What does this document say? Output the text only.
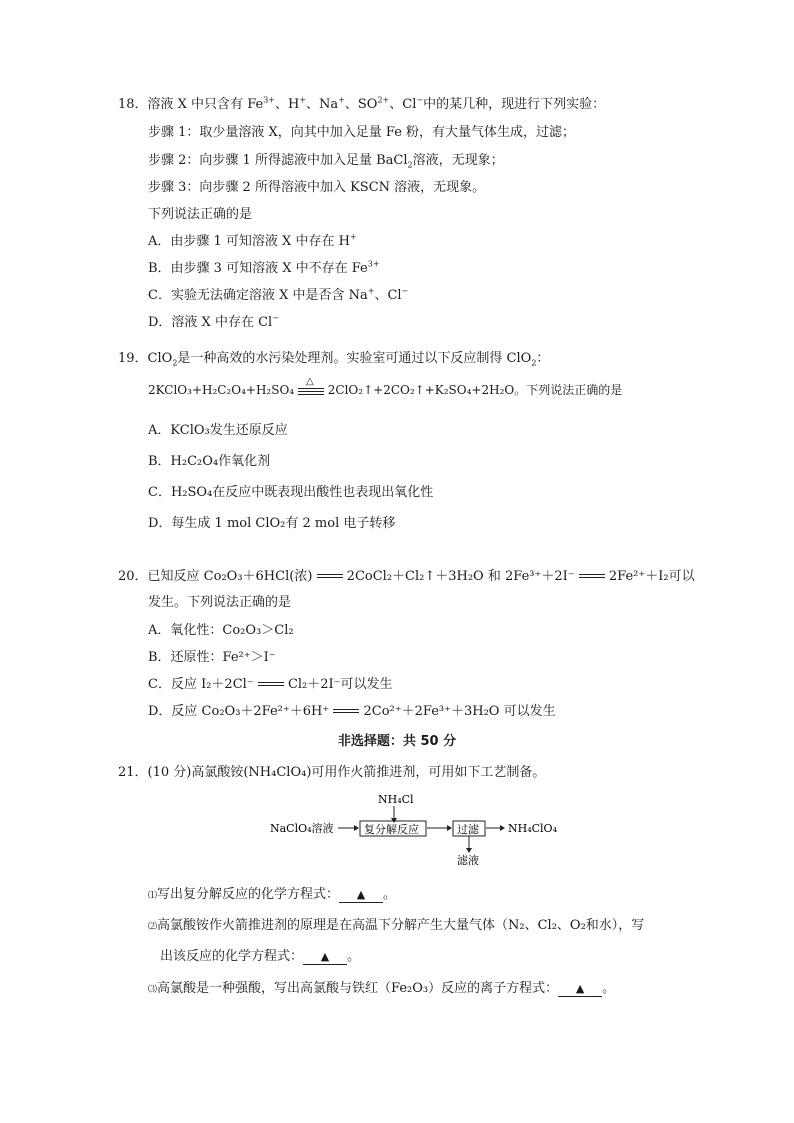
18．溶液 X 中只含有 $Fe^{3+}$、H+、Na+、$SO^{2+}$、Cl−中的某几种，现进行下列实验：
步骤 1：取少量溶液 X，向其中加入足量 Fe 粉，有大量气体生成，过滤；
步骤 2：向步骤 1 所得滤液中加入足量 BaCl$_2$溶液，无现象；
步骤 3：向步骤 2 所得溶液中加入 KSCN 溶液，无现象。
下列说法正确的是
A．由步骤 1 可知溶液 X 中存在 H+
B．由步骤 3 可知溶液 X 中不存在 $Fe^{3+}$
C．实验无法确定溶液 X 中是否含 Na+、Cl−
D．溶液 X 中存在 Cl−
19．ClO$_2$是一种高效的水污染处理剂。实验室可通过以下反应制得 ClO$_2$：
2KClO₃+H₂C₂O₄+H₂SO₄
△
2ClO₂↑+2CO₂↑+K₂SO₄+2H₂O。下列说法正确的是
A．KClO₃发生还原反应
B．H₂C₂O₄作氧化剂
C．H₂SO₄在反应中既表现出酸性也表现出氧化性
D．每生成 1 mol ClO₂有 2 mol 电子转移
20．已知反应 Co₂O₃＋6HCl(浓)	2CoCl₂＋Cl₂↑＋3H₂O 和 2Fe³⁺＋2I⁻	2Fe²⁺＋I₂可以
发生。下列说法正确的是
A．氧化性：Co₂O₃＞Cl₂
B．还原性：Fe²⁺＞I⁻
C．反应 I₂＋2Cl⁻	Cl₂＋2I⁻可以发生
D．反应 Co₂O₃＋2Fe²⁺＋6H⁺	2Co²⁺＋2Fe³⁺＋3H₂O 可以发生
非选择题：共 50 分
21．(10 分)高氯酸铵(NH₄ClO₄)可用作火箭推进剂，可用如下工艺制备。
NH₄Cl
NaClO₄溶液	复分解反应	过滤	NH₄ClO₄
滤液
⑴写出复分解反应的化学方程式： ▲ 。
⑵高氯酸铵作火箭推进剂的原理是在高温下分解产生大量气体（N₂、Cl₂、O₂和水），写
出该反应的化学方程式： ▲ 。
⑶高氯酸是一种强酸，写出高氯酸与铁红（Fe₂O₃）反应的离子方程式： ▲ 。
